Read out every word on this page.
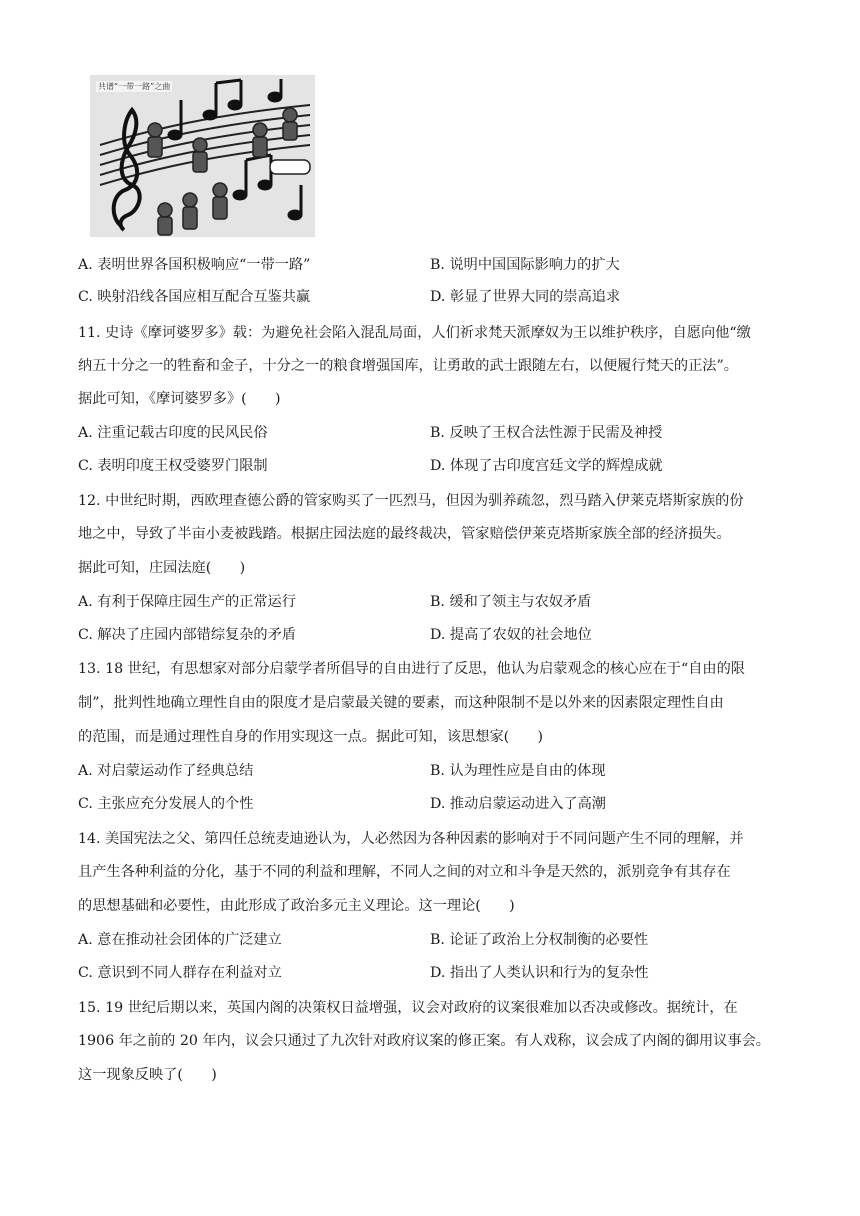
共谱“一带一路”之曲
A. 表明世界各国积极响应“一带一路”	B. 说明中国国际影响力的扩大
C. 映射沿线各国应相互配合互鉴共赢	D. 彰显了世界大同的崇高追求
11. 史诗《摩诃婆罗多》载：为避免社会陷入混乱局面，人们祈求梵天派摩奴为王以维护秩序，自愿向他“缴
纳五十分之一的牲畜和金子，十分之一的粮食增强国库，让勇敢的武士跟随左右，以便履行梵天的正法”。
据此可知，《摩诃婆罗多》(　　)
A. 注重记载古印度的民风民俗	B. 反映了王权合法性源于民需及神授
C. 表明印度王权受婆罗门限制	D. 体现了古印度宫廷文学的辉煌成就
12. 中世纪时期，西欧理查德公爵的管家购买了一匹烈马，但因为驯养疏忽，烈马踏入伊莱克塔斯家族的份
地之中，导致了半亩小麦被践踏。根据庄园法庭的最终裁决，管家赔偿伊莱克塔斯家族全部的经济损失。
据此可知，庄园法庭(　　)
A. 有利于保障庄园生产的正常运行	B. 缓和了领主与农奴矛盾
C. 解决了庄园内部错综复杂的矛盾	D. 提高了农奴的社会地位
13. 18 世纪，有思想家对部分启蒙学者所倡导的自由进行了反思，他认为启蒙观念的核心应在于“自由的限
制”，批判性地确立理性自由的限度才是启蒙最关键的要素，而这种限制不是以外来的因素限定理性自由
的范围，而是通过理性自身的作用实现这一点。据此可知，该思想家(　　)
A. 对启蒙运动作了经典总结	B. 认为理性应是自由的体现
C. 主张应充分发展人的个性	D. 推动启蒙运动进入了高潮
14. 美国宪法之父、第四任总统麦迪逊认为，人必然因为各种因素的影响对于不同问题产生不同的理解，并
且产生各种利益的分化，基于不同的利益和理解，不同人之间的对立和斗争是天然的，派别竞争有其存在
的思想基础和必要性，由此形成了政治多元主义理论。这一理论(　　)
A. 意在推动社会团体的广泛建立	B. 论证了政治上分权制衡的必要性
C. 意识到不同人群存在利益对立	D. 指出了人类认识和行为的复杂性
15. 19 世纪后期以来，英国内阁的决策权日益增强，议会对政府的议案很难加以否决或修改。据统计，在
1906 年之前的 20 年内，议会只通过了九次针对政府议案的修正案。有人戏称，议会成了内阁的御用议事会。
这一现象反映了(　　)
